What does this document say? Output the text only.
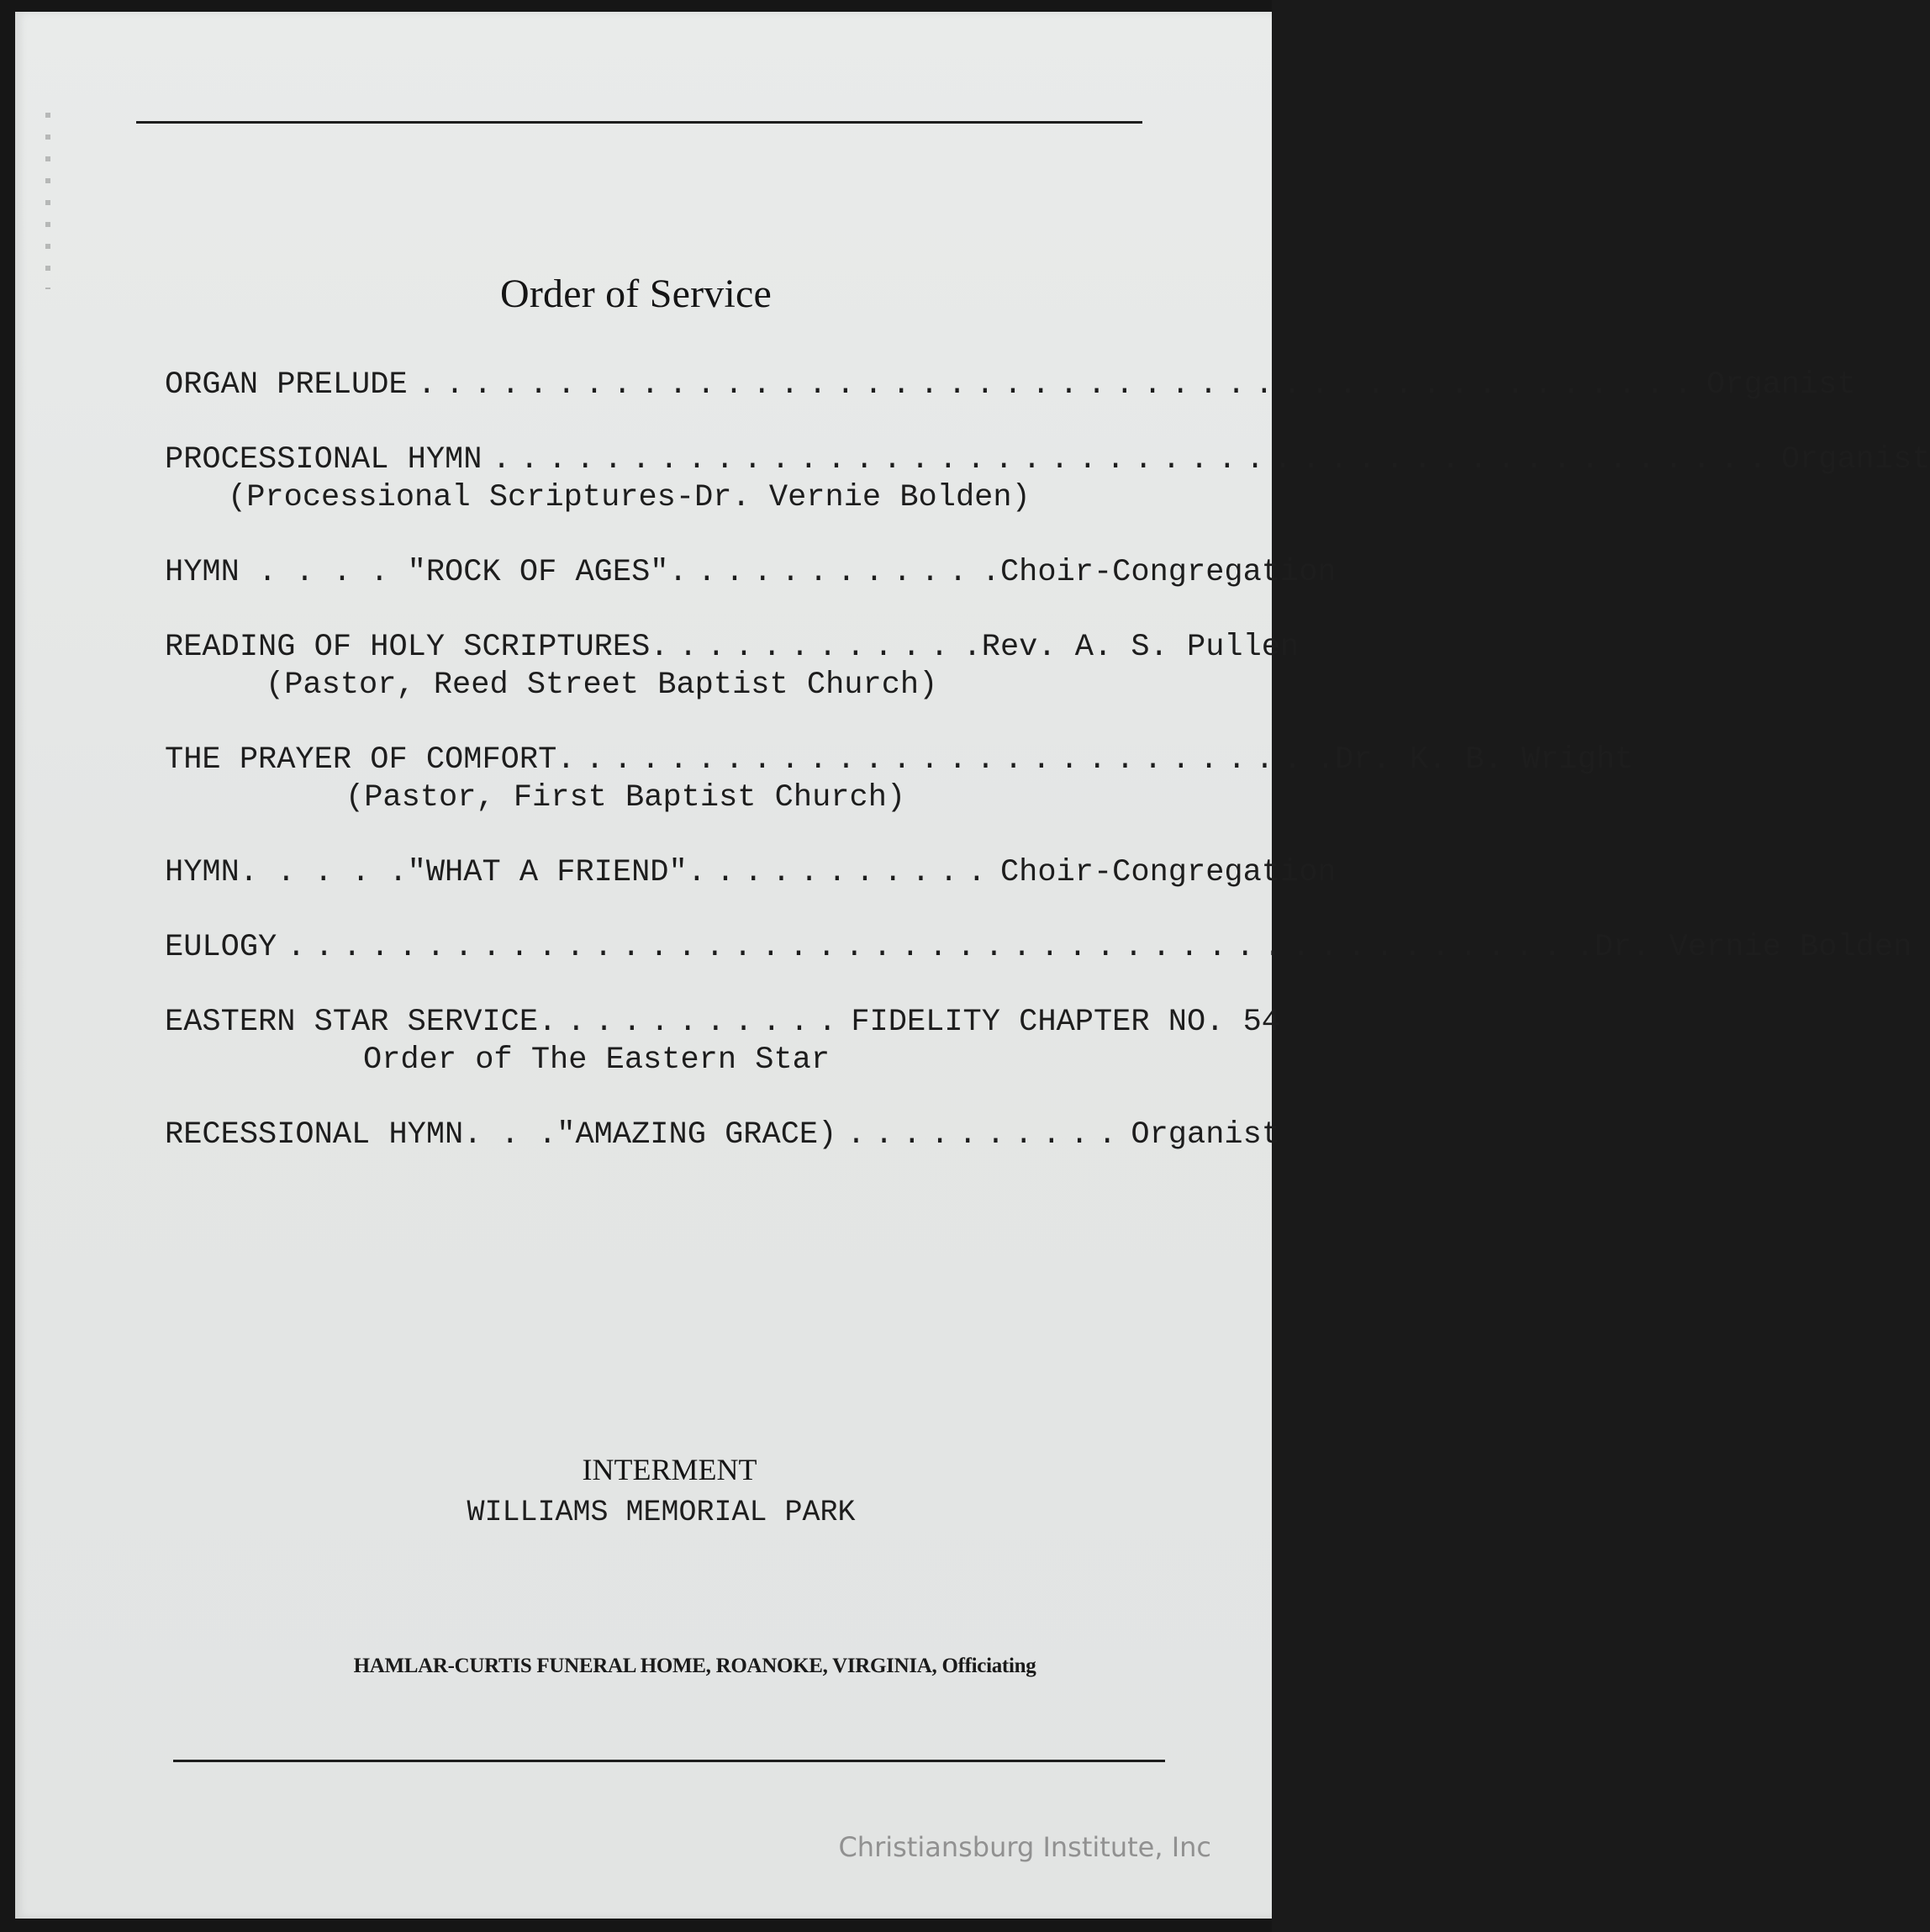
Order of Service
ORGAN PRELUDE .............................................. Organist
PROCESSIONAL HYMN .............................................. Organist
(Processional Scriptures-Dr. Vernie Bolden)
HYMN . . . . "ROCK OF AGES". .......... .Choir-Congregation
READING OF HOLY SCRIPTURES. .......... .Rev. A. S. Pullen
(Pastor, Reed Street Baptist Church)
THE PRAYER OF COMFORT. .......................... .Dr. K. B. Wright
(Pastor, First Baptist Church)
HYMN. . . . ."WHAT A FRIEND". .......... Choir-Congregation
EULOGY .............................................. .Dr. Vernie Bolden
EASTERN STAR SERVICE. .......... FIDELITY CHAPTER NO. 54
Order of The Eastern Star
RECESSIONAL HYMN. . ."AMAZING GRACE) .......... Organist
INTERMENT
WILLIAMS MEMORIAL PARK
HAMLAR-CURTIS FUNERAL HOME, ROANOKE, VIRGINIA, Officiating
Christiansburg Institute, Inc
